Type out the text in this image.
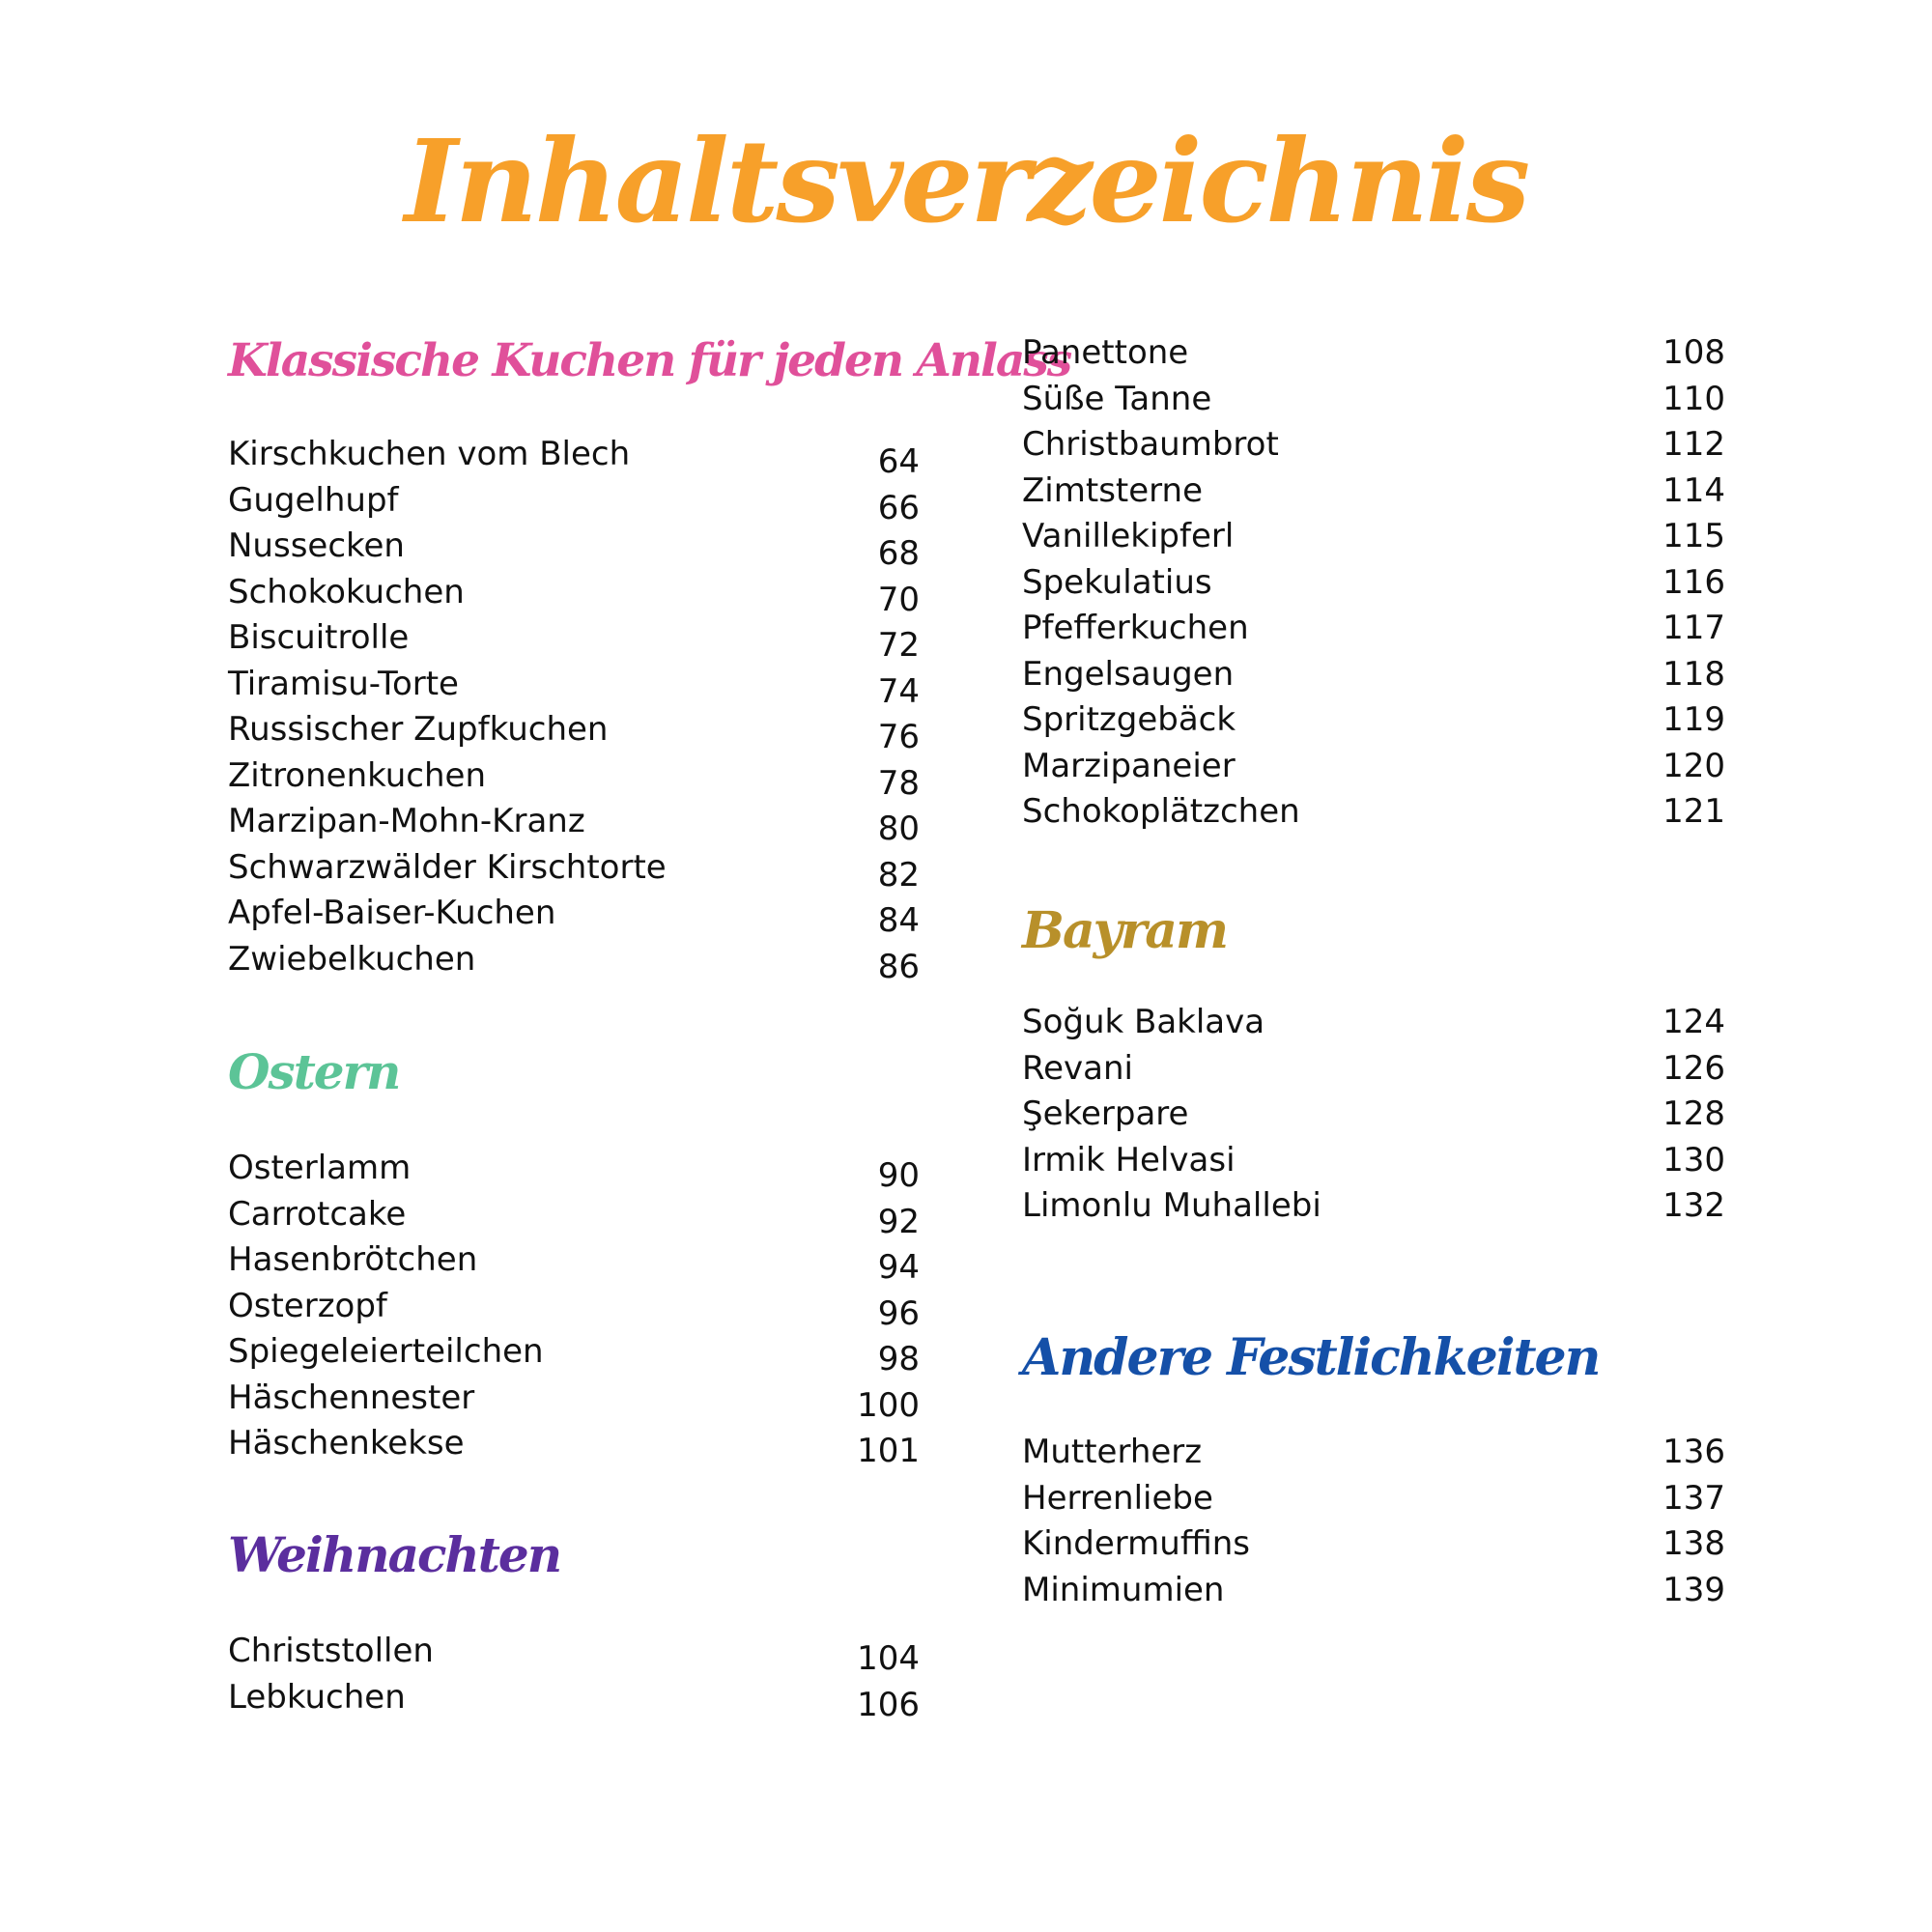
Inhaltsverzeichnis
Klassische Kuchen für jeden Anlass
Kirschkuchen vom Blech	64
Gugelhupf	66
Nussecken	68
Schokokuchen	70
Biscuitrolle	72
Tiramisu-Torte	74
Russischer Zupfkuchen	76
Zitronenkuchen	78
Marzipan-Mohn-Kranz	80
Schwarzwälder Kirschtorte	82
Apfel-Baiser-Kuchen	84
Zwiebelkuchen	86
Ostern
Osterlamm	90
Carrotcake	92
Hasenbrötchen	94
Osterzopf	96
Spiegeleierteilchen	98
Häschennester	100
Häschenkekse	101
Weihnachten
Christstollen	104
Lebkuchen	106
Panettone	108
Süße Tanne	110
Christbaumbrot	112
Zimtsterne	114
Vanillekipferl	115
Spekulatius	116
Pfefferkuchen	117
Engelsaugen	118
Spritzgebäck	119
Marzipaneier	120
Schokoplätzchen	121
Bayram
Soğuk Baklava	124
Revani	126
Şekerpare	128
Irmik Helvasi	130
Limonlu Muhallebi	132
Andere Festlichkeiten
Mutterherz	136
Herrenliebe	137
Kindermuffins	138
Minimumien	139
